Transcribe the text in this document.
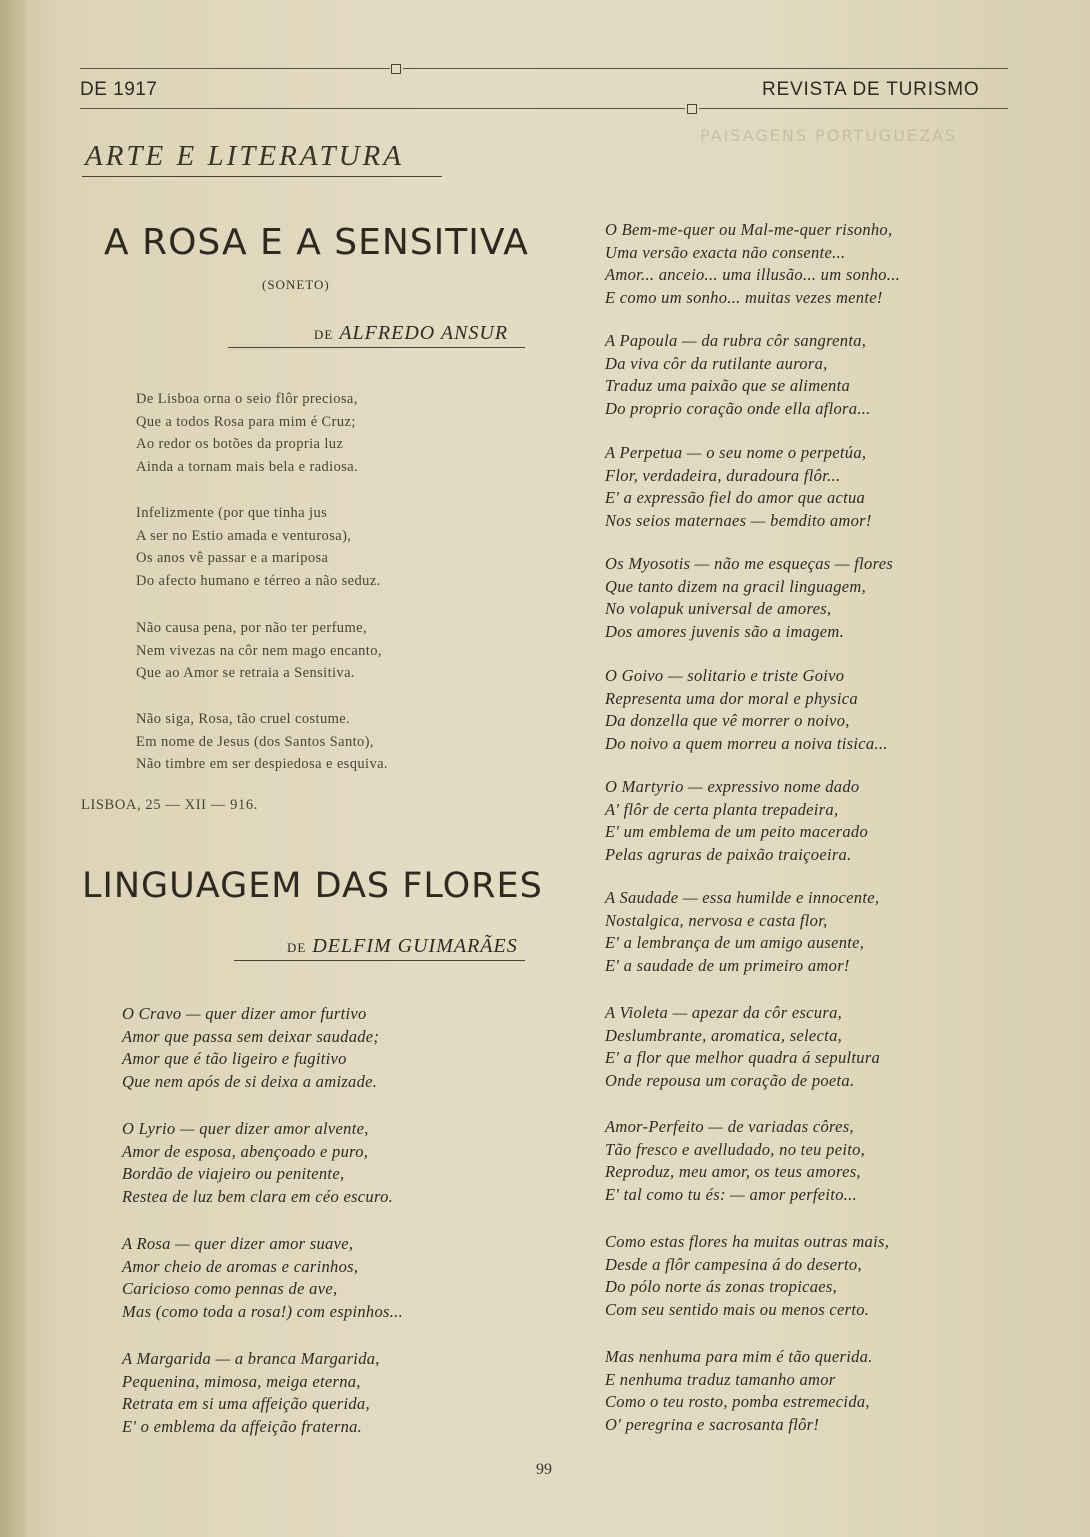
PAISAGENS PORTUGUEZAS
DE 1917	REVISTA DE TURISMO
ARTE E LITERATURA
A ROSA E A SENSITIVA
(SONETO)
DE ALFREDO ANSUR
De Lisboa orna o seio flôr preciosa,
Que a todos Rosa para mim é Cruz;
Ao redor os botões da propria luz
Ainda a tornam mais bela e radiosa.
Infelizmente (por que tinha jus
A ser no Estio amada e venturosa),
Os anos vê passar e a mariposa
Do afecto humano e térreo a não seduz.
Não causa pena, por não ter perfume,
Nem vivezas na côr nem mago encanto,
Que ao Amor se retraia a Sensitiva.
Não siga, Rosa, tão cruel costume.
Em nome de Jesus (dos Santos Santo),
Não timbre em ser despiedosa e esquiva.
LISBOA, 25 — XII — 916.
LINGUAGEM DAS FLORES
DE DELFIM GUIMARÃES
O Cravo — quer dizer amor furtivo
Amor que passa sem deixar saudade;
Amor que é tão ligeiro e fugitivo
Que nem após de si deixa a amizade.
O Lyrio — quer dizer amor alvente,
Amor de esposa, abençoado e puro,
Bordão de viajeiro ou penitente,
Restea de luz bem clara em céo escuro.
A Rosa — quer dizer amor suave,
Amor cheio de aromas e carinhos,
Caricioso como pennas de ave,
Mas (como toda a rosa!) com espinhos...
A Margarida — a branca Margarida,
Pequenina, mimosa, meiga eterna,
Retrata em si uma affeição querida,
E' o emblema da affeição fraterna.
O Bem-me-quer ou Mal-me-quer risonho,
Uma versão exacta não consente...
Amor... anceio... uma illusão... um sonho...
E como um sonho... muitas vezes mente!
A Papoula — da rubra côr sangrenta,
Da viva côr da rutilante aurora,
Traduz uma paixão que se alimenta
Do proprio coração onde ella aflora...
A Perpetua — o seu nome o perpetúa,
Flor, verdadeira, duradoura flôr...
E' a expressão fiel do amor que actua
Nos seios maternaes — bemdito amor!
Os Myosotis — não me esqueças — flores
Que tanto dizem na gracil linguagem,
No volapuk universal de amores,
Dos amores juvenis são a imagem.
O Goivo — solitario e triste Goivo
Representa uma dor moral e physica
Da donzella que vê morrer o noivo,
Do noivo a quem morreu a noiva tisica...
O Martyrio — expressivo nome dado
A' flôr de certa planta trepadeira,
E' um emblema de um peito macerado
Pelas agruras de paixão traiçoeira.
A Saudade — essa humilde e innocente,
Nostalgica, nervosa e casta flor,
E' a lembrança de um amigo ausente,
E' a saudade de um primeiro amor!
A Violeta — apezar da côr escura,
Deslumbrante, aromatica, selecta,
E' a flor que melhor quadra á sepultura
Onde repousa um coração de poeta.
Amor-Perfeito — de variadas côres,
Tão fresco e avelludado, no teu peito,
Reproduz, meu amor, os teus amores,
E' tal como tu és: — amor perfeito...
Como estas flores ha muitas outras mais,
Desde a flôr campesina á do deserto,
Do pólo norte ás zonas tropicaes,
Com seu sentido mais ou menos certo.
Mas nenhuma para mim é tão querida.
E nenhuma traduz tamanho amor
Como o teu rosto, pomba estremecida,
O' peregrina e sacrosanta flôr!
99
